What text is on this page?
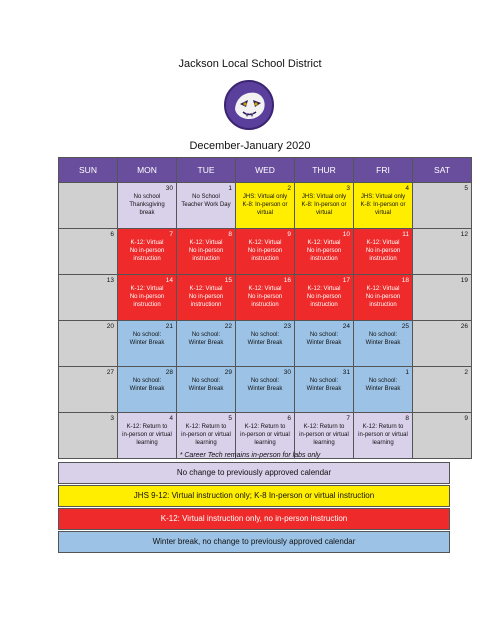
Jackson Local School District
December-January 2020
SUN	MON	TUE	WED	THUR	FRI	SAT

	30
No school
Thanksgiving break	1
No School
Teacher Work Day	2
JHS: Virtual only
K-8: In-person or
virtual	3
JHS: Virtual only
K-8: In-person or
virtual	4
JHS: Virtual only
K-8: In-person or
virtual	5

6	7
K-12: Virtual
No in-person
instruction	8
K-12: Virtual
No in-person
instruction	9
K-12: Virtual
No in-person
instruction	10
K-12: Virtual
No in-person
instruction	11
K-12: Virtual
No in-person
instruction	12

13	14
K-12: Virtual
No in-person
instruction	15
K-12: Virtual
No in-person
instructionn	16
K-12: Virtual
No in-person
instruction	17
K-12: Virtual
No in-person
instruction	18
K-12: Virtual
No in-person
instruction	19

20	21
No school:
Winter Break	22
No school:
Winter Break	23
No school:
Winter Break	24
No school:
Winter Break	25
No school:
Winter Break	26

27	28
No school:
Winter Break	29
No school:
Winter Break	30
No school:
Winter Break	31
No school:
Winter Break	1
No school:
Winter Break	2

3	4
K-12: Return to
in-person or virtual
learning	5
K-12: Return to
in-person or virtual
learning	6
K-12: Return to
in-person or virtual
learning	7
K-12: Return to
in-person or virtual
learning	8
K-12: Return to
in-person or virtual
learning	9
* Career Tech remains in-person for labs only
No change to previously approved calendar
JHS 9-12: Virtual instruction only; K-8 In-person or virtual instruction
K-12: Virtual instruction only, no in-person instruction
Winter break, no change to previously approved calendar
